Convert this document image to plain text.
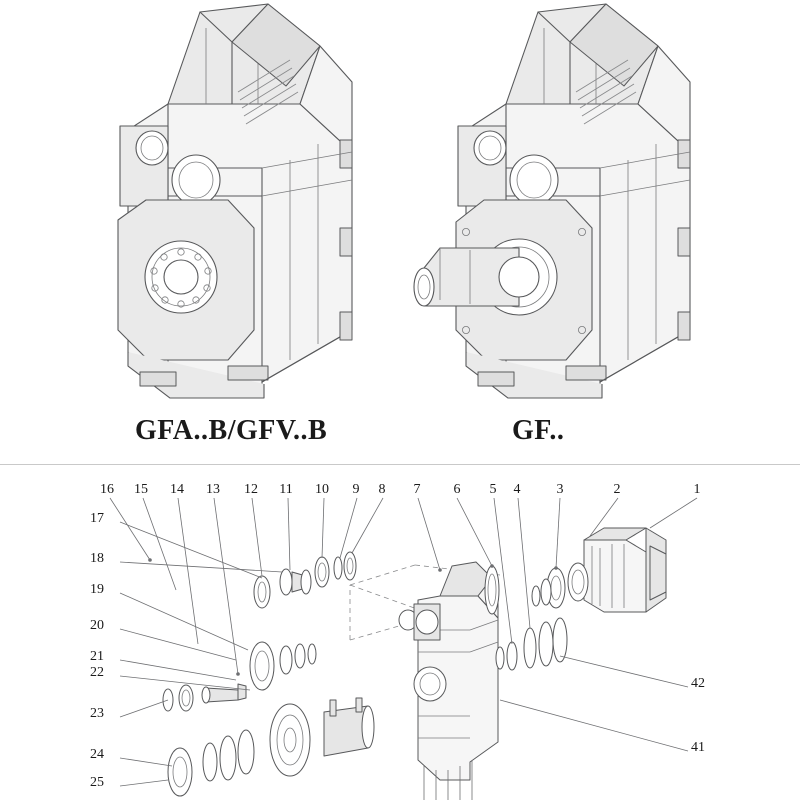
GFA..B/GFV..B	GF..
16	15	14	13	12	11	10	9	8	7	6	5	4	3	2	1
17
18
19
20
21
22
23
24
25
42
41
